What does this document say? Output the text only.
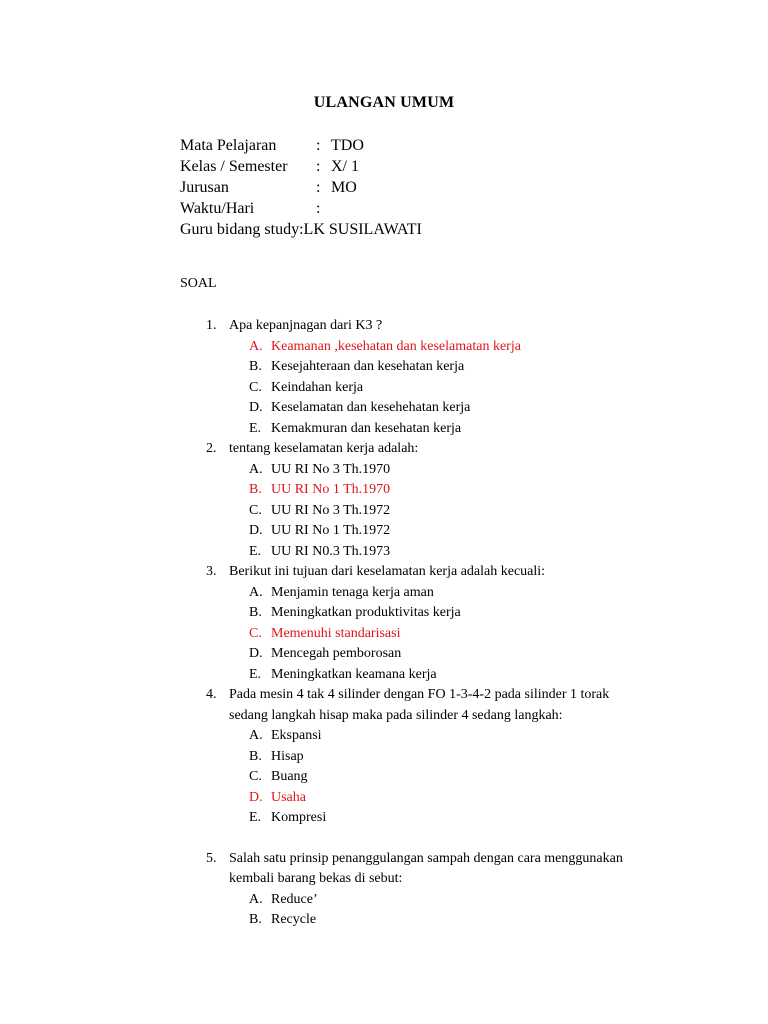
ULANGAN UMUM
Mata Pelajaran : TDO
Kelas / Semester : X/ 1
Jurusan	: MO
Waktu/Hari	:
Guru bidang study:LK SUSILAWATI
SOAL
1. Apa kepanjnagan dari K3 ?
A. Keamanan ,kesehatan dan keselamatan kerja
B. Kesejahteraan dan kesehatan kerja
C. Keindahan kerja
D. Keselamatan dan kesehehatan kerja
E. Kemakmuran dan kesehatan kerja
2. tentang keselamatan kerja adalah:
A. UU RI No 3 Th.1970
B. UU RI No 1 Th.1970
C. UU RI No 3 Th.1972
D. UU RI No 1 Th.1972
E. UU RI N0.3 Th.1973
3. Berikut ini tujuan dari keselamatan kerja adalah kecuali:
A. Menjamin tenaga kerja aman
B. Meningkatkan produktivitas kerja
C. Memenuhi standarisasi
D. Mencegah pemborosan
E. Meningkatkan keamana kerja
4. Pada mesin 4 tak 4 silinder dengan FO 1-3-4-2 pada silinder 1 torak
sedang langkah hisap maka pada silinder 4 sedang langkah:
A. Ekspansi
B. Hisap
C. Buang
D. Usaha
E. Kompresi
5. Salah satu prinsip penanggulangan sampah dengan cara menggunakan
kembali barang bekas di sebut:
A. Reduce’
B. Recycle
